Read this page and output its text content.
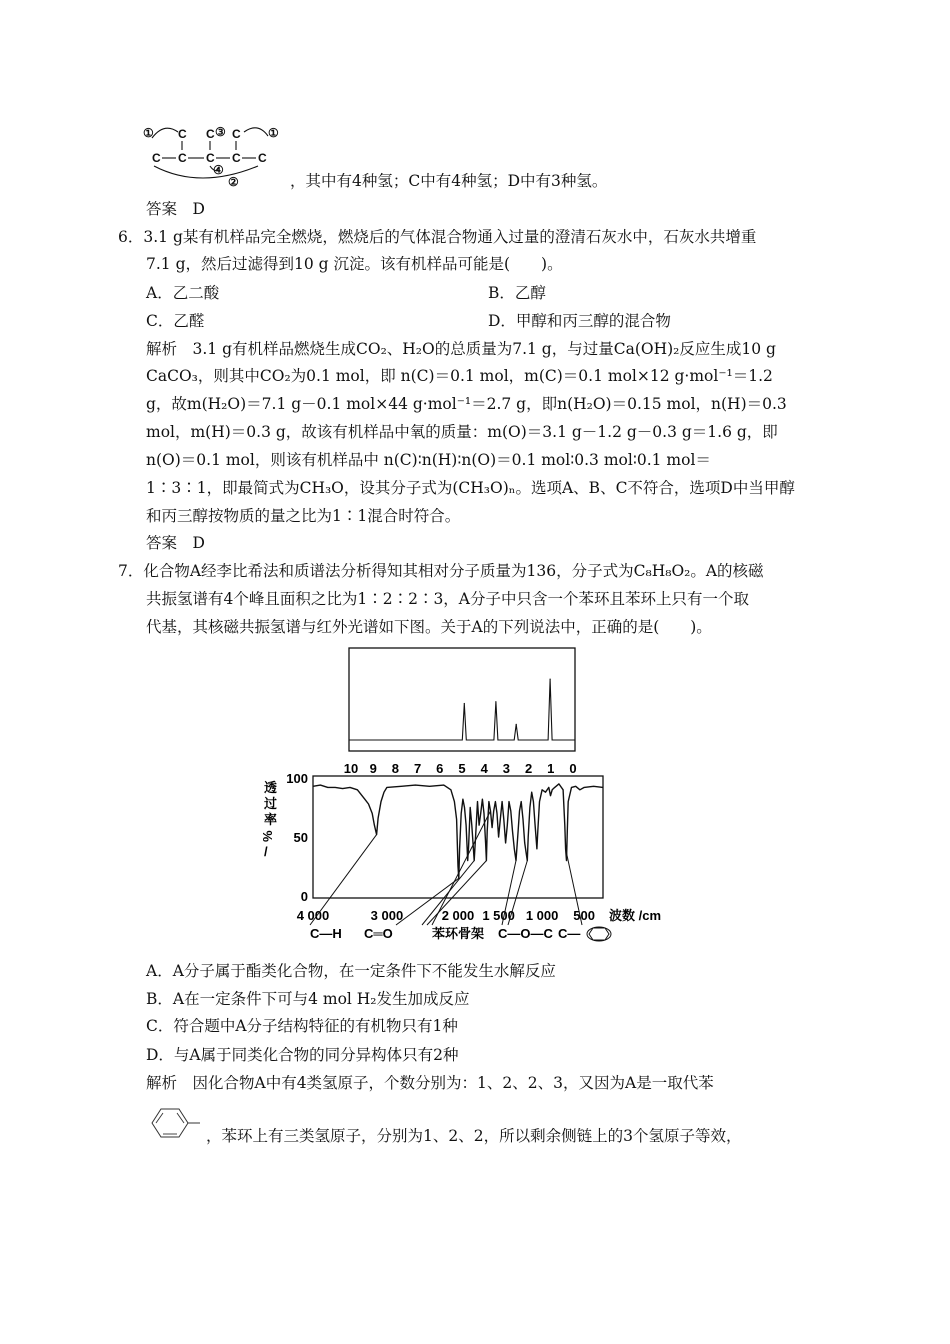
① C C ③ C ①
C C C C C
④
②	，其中有4种氢；C中有4种氢；D中有3种氢。
答案　D
6．3.1 g某有机样品完全燃烧，燃烧后的气体混合物通入过量的澄清石灰水中，石灰水共增重
7.1 g，然后过滤得到10 g 沉淀。该有机样品可能是(　　)。
A．乙二酸	B．乙醇
C．乙醛	D．甲醇和丙三醇的混合物
解析　3.1 g有机样品燃烧生成CO₂、H₂O的总质量为7.1 g，与过量Ca(OH)₂反应生成10 g
CaCO₃，则其中CO₂为0.1 mol，即 n(C)＝0.1 mol，m(C)＝0.1 mol×12 g·mol⁻¹＝1.2
g，故m(H₂O)＝7.1 g－0.1 mol×44 g·mol⁻¹＝2.7 g，即n(H₂O)＝0.15 mol，n(H)＝0.3
mol，m(H)＝0.3 g，故该有机样品中氧的质量：m(O)＝3.1 g－1.2 g－0.3 g＝1.6 g，即
n(O)＝0.1 mol，则该有机样品中 n(C)∶n(H)∶n(O)＝0.1 mol∶0.3 mol∶0.1 mol＝
1∶3∶1，即最简式为CH₃O，设其分子式为(CH₃O)ₙ。选项A、B、C不符合，选项D中当甲醇
和丙三醇按物质的量之比为1∶1混合时符合。
答案　D
7．化合物A经李比希法和质谱法分析得知其相对分子质量为136，分子式为C₈H₈O₂。A的核磁
共振氢谱有4个峰且面积之比为1∶2∶2∶3，A分子中只含一个苯环且苯环上只有一个取
代基，其核磁共振氢谱与红外光谱如下图。关于A的下列说法中，正确的是(　　)。
10 9 8 7 6 5 4 3 2 1 0
透
过
率
%
/
100
50
0
4 000	3 000	2 000 1 500 1 000 500 波数 /cm
C—H C═O	苯环骨架 C—O—C C—
A．A分子属于酯类化合物，在一定条件下不能发生水解反应
B．A在一定条件下可与4 mol H₂发生加成反应
C．符合题中A分子结构特征的有机物只有1种
D．与A属于同类化合物的同分异构体只有2种
解析　因化合物A中有4类氢原子，个数分别为：1、2、2、3，又因为A是一取代苯
，苯环上有三类氢原子，分别为1、2、2，所以剩余侧链上的3个氢原子等效，
